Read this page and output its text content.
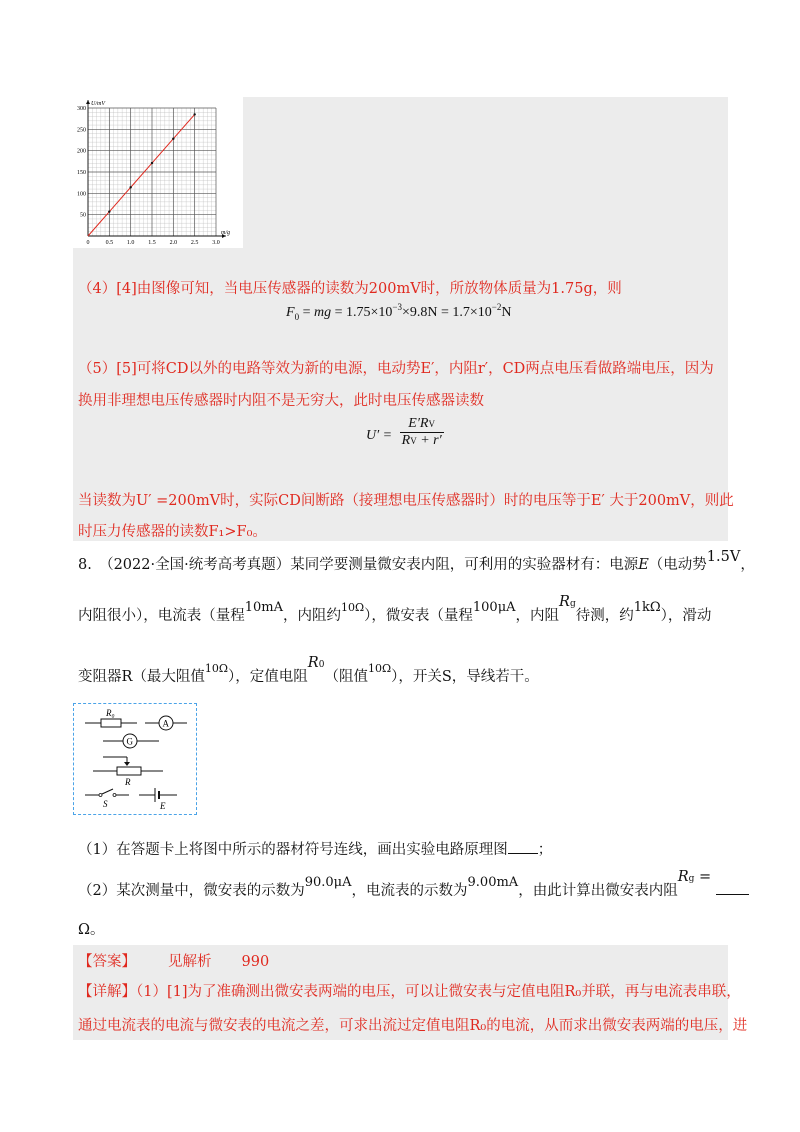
m/g
U/mV
0	0.5 1.0 1.5 2.0 2.5 3.0
50
100
150
200
250
300
（4）[4]由图像可知，当电压传感器的读数为200mV时，所放物体质量为1.75g，则
$F_0$ = mg = $1.75\times 10^{-3}\times 9.8N = 1.7\times 10^{-2}N$
（5）[5]可将CD以外的电路等效为新的电源，电动势E′，内阻r′，CD两点电压看做路端电压，因为
换用非理想电压传感器时内阻不是无穷大，此时电压传感器读数
$U' = \frac{E'RV}{RV + r'}$
当读数为U′ =200mV时，实际CD间断路（接理想电压传感器时）时的电压等于E′ 大于200mV，则此
时压力传感器的读数F₁>F₀。
8.　（2022·全国·统考高考真题）某同学要测量微安表内阻，可利用的实验器材有：电源E（电动势1.5V，
内阻很小），电流表（量程10mA，内阻约$^{10\Omega}$），微安表（量程100μA，内阻Rg待测，约1kΩ），滑动
变阻器R（最大阻值$^{10\Omega}$），定值电阻R0（阻值$^{10\Omega}$），开关S，导线若干。
R₀
A
G
R
S	E
（1）在答题卡上将图中所示的器材符号连线，画出实验电路原理图 ；
（2）某次测量中，微安表的示数为90.0μA，电流表的示数为9.00mA，由此计算出微安表内阻Rg =
Ω。
【答案】 见解析 990
【详解】（1）[1]为了准确测出微安表两端的电压，可以让微安表与定值电阻R₀并联，再与电流表串联，
通过电流表的电流与微安表的电流之差，可求出流过定值电阻R₀的电流，从而求出微安表两端的电压，进
